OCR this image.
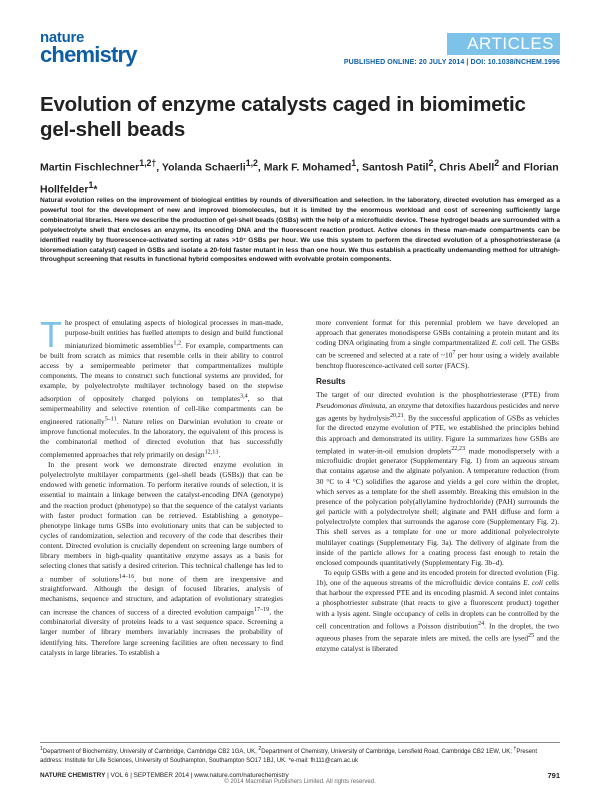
nature
chemistry	ARTICLES
PUBLISHED ONLINE: 20 JULY 2014 | DOI: 10.1038/NCHEM.1996
Evolution of enzyme catalysts caged in biomimetic gel-shell beads

Martin Fischlechner$^{1,2\dagger}$, Yolanda Schaerli$^{1,2}$, Mark F. Mohamed$^1$, Santosh Patil$^2$, Chris Abell$^2$ and Florian Hollfelder$^1$*

Natural evolution relies on the improvement of biological entities by rounds of diversification and selection. In the laboratory, directed evolution has emerged as a powerful tool for the development of new and improved biomolecules, but it is limited by the enormous workload and cost of screening sufficiently large combinatorial libraries. Here we describe the production of gel-shell beads (GSBs) with the help of a microfluidic device. These hydrogel beads are surrounded with a polyelectrolyte shell that encloses an enzyme, its encoding DNA and the fluorescent reaction product. Active clones in these man-made compartments can be identified readily by fluorescence-activated sorting at rates >10⁷ GSBs per hour. We use this system to perform the directed evolution of a phosphotriesterase (a bioremediation catalyst) caged in GSBs and isolate a 20-fold faster mutant in less than one hour. We thus establish a practically undemanding method for ultrahigh-throughput screening that results in functional hybrid composites endowed with evolvable protein components.

The prospect of emulating aspects of biological processes in man-made, purpose-built entities has fuelled attempts to design and build functional miniaturized biomimetic assemblies$^{1,2}$. For example, compartments can be built from scratch as mimics that resemble cells in their ability to control access by a semipermeable perimeter that compartmentalizes multiple components. The means to construct such functional systems are provided, for example, by polyelectrolyte multilayer technology based on the stepwise adsorption of oppositely charged polyions on templates$^{3,4}$, so that semipermeability and selective retention of cell-like compartments can be engineered rationally$^{5-11}$. Nature relies on Darwinian evolution to create or improve functional molecules. In the laboratory, the equivalent of this process is the combinatorial method of directed evolution that has successfully complemented approaches that rely primarily on design$^{12,13}$.

In the present work we demonstrate directed enzyme evolution in polyelectrolyte multilayer compartments (gel–shell beads (GSBs)) that can be endowed with genetic information. To perform iterative rounds of selection, it is essential to maintain a linkage between the catalyst-encoding DNA (genotype) and the reaction product (phenotype) so that the sequence of the catalyst variants with faster product formation can be retrieved. Establishing a genotype–phenotype linkage turns GSBs into evolutionary units that can be subjected to cycles of randomization, selection and recovery of the code that describes their content. Directed evolution is crucially dependent on screening large numbers of library members in high-quality quantitative enzyme assays as a basis for selecting clones that satisfy a desired criterion. This technical challenge has led to a number of solutions$^{14-16}$, but none of them are inexpensive and straightforward. Although the design of focused libraries, analysis of mechanisms, sequence and structure, and adaptation of evolutionary strategies can increase the chances of success of a directed evolution campaign$^{17-19}$, the combinatorial diversity of proteins leads to a vast sequence space. Screening a larger number of library members invariably increases the probability of identifying hits. Therefore large screening facilities are often necessary to find catalysts in large libraries. To establish a

more convenient format for this perennial problem we have developed an approach that generates monodisperse GSBs containing a protein mutant and its coding DNA originating from a single compartmentalized E. coli cell. The GSBs can be screened and selected at a rate of $\sim 10^7$ per hour using a widely available benchtop fluorescence-activated cell sorter (FACS).

Results

The target of our directed evolution is the phosphotriesterase (PTE) from Pseudomonas diminuta, an enzyme that detoxifies hazardous pesticides and nerve gas agents by hydrolysis$^{20,21}$. By the successful application of GSBs as vehicles for the directed enzyme evolution of PTE, we established the principles behind this approach and demonstrated its utility. Figure 1a summarizes how GSBs are templated in water-in-oil emulsion droplets$^{22,23}$ made monodispersely with a microfluidic droplet generator (Supplementary Fig. 1) from an aqueous stream that contains agarose and the alginate polyanion. A temperature reduction (from 30 °C to 4 °C) solidifies the agarose and yields a gel core within the droplet, which serves as a template for the shell assembly. Breaking this emulsion in the presence of the polycation poly(allylamine hydrochloride) (PAH) surrounds the gel particle with a polydectrolyte shell; alginate and PAH diffuse and form a polyelectrolyte complex that surrounds the agarose core (Supplementary Fig. 2). This shell serves as a template for one or more additional polyelectrolyte multilayer coatings (Supplementary Fig. 3a). The delivery of alginate from the inside of the particle allows for a coating process fast enough to retain the enclosed compounds quantitatively (Supplementary Fig. 3b–d).

To equip GSBs with a gene and its encoded protein for directed evolution (Fig. 1b), one of the aqueous streams of the microfluidic device contains E. coli cells that harbour the expressed PTE and its encoding plasmid. A second inlet contains a phosphotriester substrate (that reacts to give a fluorescent product) together with a lysis agent. Single occupancy of cells in droplets can be controlled by the cell concentration and follows a Poisson distribution$^{24}$. In the droplet, the two aqueous phases from the separate inlets are mixed, the cells are lysed$^{25}$ and the enzyme catalyst is liberated

$^1$Department of Biochemistry, University of Cambridge, Cambridge CB2 1GA, UK, $^2$Department of Chemistry, University of Cambridge, Lensfield Road, Cambridge CB2 1EW, UK; †Present address: Institute for Life Sciences, University of Southampton, Southampton SO17 1BJ, UK. *e-mail: fh111@cam.ac.uk

NATURE CHEMISTRY | VOL 6 | SEPTEMBER 2014 | www.nature.com/naturechemistry	791
© 2014 Macmillan Publishers Limited. All rights reserved.
